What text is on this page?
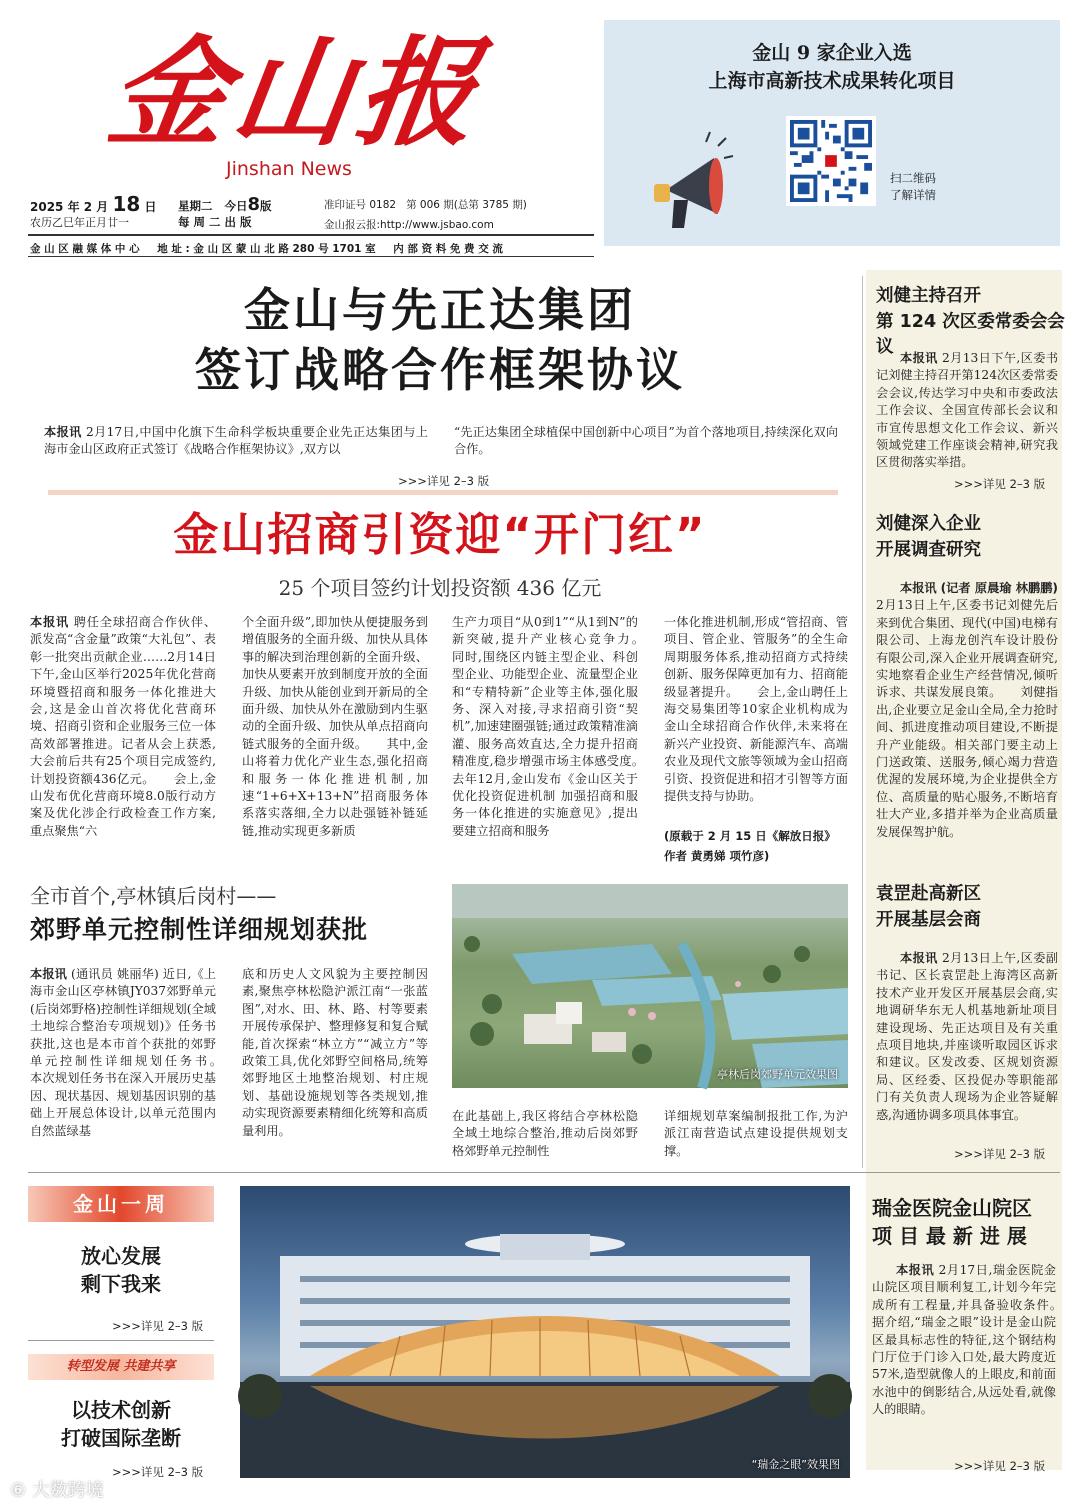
金山报
Jinshan News
2025 年 2 月 18 日
农历乙巳年正月廿一
星期二 今日8版
每 周 二 出 版
准印证号 0182 第 006 期(总第 3785 期)
金山报云报:http://www.jsbao.com
金 山 区 融 媒 体 中 心 地 址 : 金 山 区 蒙 山 北 路 280 号 1701 室 内 部 资 料 免 费 交 流
金山 9 家企业入选
上海市高新技术成果转化项目
扫二维码
了解详情
金山与先正达集团
签订战略合作框架协议
本报讯 2月17日,中国中化旗下生命科学板块重要企业先正达集团与上海市金山区政府正式签订《战略合作框架协议》,双方以
“先正达集团全球植保中国创新中心项目”为首个落地项目,持续深化双向合作。
>>>详见 2–3 版
金山招商引资迎“开门红”
25 个项目签约计划投资额 436 亿元
本报讯 聘任全球招商合作伙伴、派发高“含金量”政策“大礼包”、表彰一批突出贡献企业……2月14日下午,金山区举行2025年优化营商环境暨招商和服务一体化推进大会,这是金山首次将优化营商环境、招商引资和企业服务三位一体高效部署推进。记者从会上获悉,大会前后共有25个项目完成签约,计划投资额436亿元。　　会上,金山发布优化营商环境8.0版行动方案及优化涉企行政检查工作方案,重点聚焦“六
个全面升级”,即加快从便捷服务到增值服务的全面升级、加快从具体事的解决到治理创新的全面升级、加快从要素开放到制度开放的全面升级、加快从能创业到开新局的全面升级、加快从外在激励到内生驱动的全面升级、加快从单点招商向链式服务的全面升级。　　其中,金山将着力优化产业生态,强化招商和服务一体化推进机制,加速“1+6+X+13+N”招商服务体系落实落细,全力以赴强链补链延链,推动实现更多新质
生产力项目“从0到1”“从1到N”的新突破,提升产业核心竞争力。　　同时,围绕区内链主型企业、科创型企业、功能型企业、流量型企业和“专精特新”企业等主体,强化服务、深入对接,寻求招商引资“契机”,加速建圈强链;通过政策精准滴灌、服务高效直达,全力提升招商精准度,稳步增强市场主体感受度。　　去年12月,金山发布《金山区关于优化投资促进机制 加强招商和服务一体化推进的实施意见》,提出要建立招商和服务
一体化推进机制,形成“管招商、管项目、管企业、管服务”的全生命周期服务体系,推动招商方式持续创新、服务保障更加有力、招商能级显著提升。　　会上,金山聘任上海交易集团等10家企业机构成为金山全球招商合作伙伴,未来将在新兴产业投资、新能源汽车、高端农业及现代文旅等领域为金山招商引资、投资促进和招才引智等方面提供支持与协助。
(原载于 2 月 15 日《解放日报》
作者 黄勇娣 项竹彦)
全市首个,亭林镇后岗村——
郊野单元控制性详细规划获批
本报讯 (通讯员 姚丽华) 近日,《上海市金山区亭林镇JY037郊野单元(后岗郊野格)控制性详细规划(全域土地综合整治专项规划)》任务书获批,这也是本市首个获批的郊野单元控制性详细规划任务书。　　本次规划任务书在深入开展历史基因、现状基因、规划基因识别的基础上开展总体设计,以单元范围内自然蓝绿基
底和历史人文风貌为主要控制因素,聚焦亭林松隐沪派江南“一张蓝图”,对水、田、林、路、村等要素开展传承保护、整理修复和复合赋能,首次探索“林立方”“减立方”等政策工具,优化郊野空间格局,统筹郊野地区土地整治规划、村庄规划、基础设施规划等各类规划,推动实现资源要素精细化统筹和高质量利用。
亭林后岗郊野单元效果图
在此基础上,我区将结合亭林松隐全域土地综合整治,推动后岗郊野格郊野单元控制性
详细规划草案编制报批工作,为沪派江南营造试点建设提供规划支撑。
刘健主持召开
第 124 次区委常委会会议
本报讯 2月13日下午,区委书记刘健主持召开第124次区委常委会会议,传达学习中央和市委政法工作会议、全国宣传部长会议和市宣传思想文化工作会议、新兴领域党建工作座谈会精神,研究我区贯彻落实举措。
>>>详见 2–3 版
刘健深入企业
开展调查研究
本报讯 (记者 原晨瑜 林鹏鹏) 2月13日上午,区委书记刘健先后来到优合集团、现代(中国)电梯有限公司、上海龙创汽车设计股份有限公司,深入企业开展调查研究,实地察看企业生产经营情况,倾听诉求、共谋发展良策。　　刘健指出,企业要立足金山全局,全力抢时间、抓进度推动项目建设,不断提升产业能级。相关部门要主动上门送政策、送服务,倾心竭力营造优渥的发展环境,为企业提供全方位、高质量的贴心服务,不断培育壮大产业,多措并举为企业高质量发展保驾护航。
袁罡赴高新区
开展基层会商
本报讯 2月13日上午,区委副书记、区长袁罡赴上海湾区高新技术产业开发区开展基层会商,实地调研华东无人机基地新址项目建设现场、先正达项目及有关重点项目地块,并座谈听取园区诉求和建议。区发改委、区规划资源局、区经委、区投促办等职能部门有关负责人现场为企业答疑解惑,沟通协调多项具体事宜。
>>>详见 2–3 版
金山一周
放心发展
剩下我来
>>>详见 2–3 版
转型发展 共建共享
以技术创新
打破国际垄断
>>>详见 2–3 版
“瑞金之眼”效果图
瑞金医院金山院区
项 目 最 新 进 展
本报讯 2月17日,瑞金医院金山院区项目顺利复工,计划今年完成所有工程量,并具备验收条件。　　据介绍,“瑞金之眼”设计是金山院区最具标志性的特征,这个钢结构门厅位于门诊入口处,最大跨度近57米,造型就像人的上眼皮,和前面水池中的倒影结合,从远处看,就像人的眼睛。
>>>详见 2–3 版
⑥ 大数跨境
